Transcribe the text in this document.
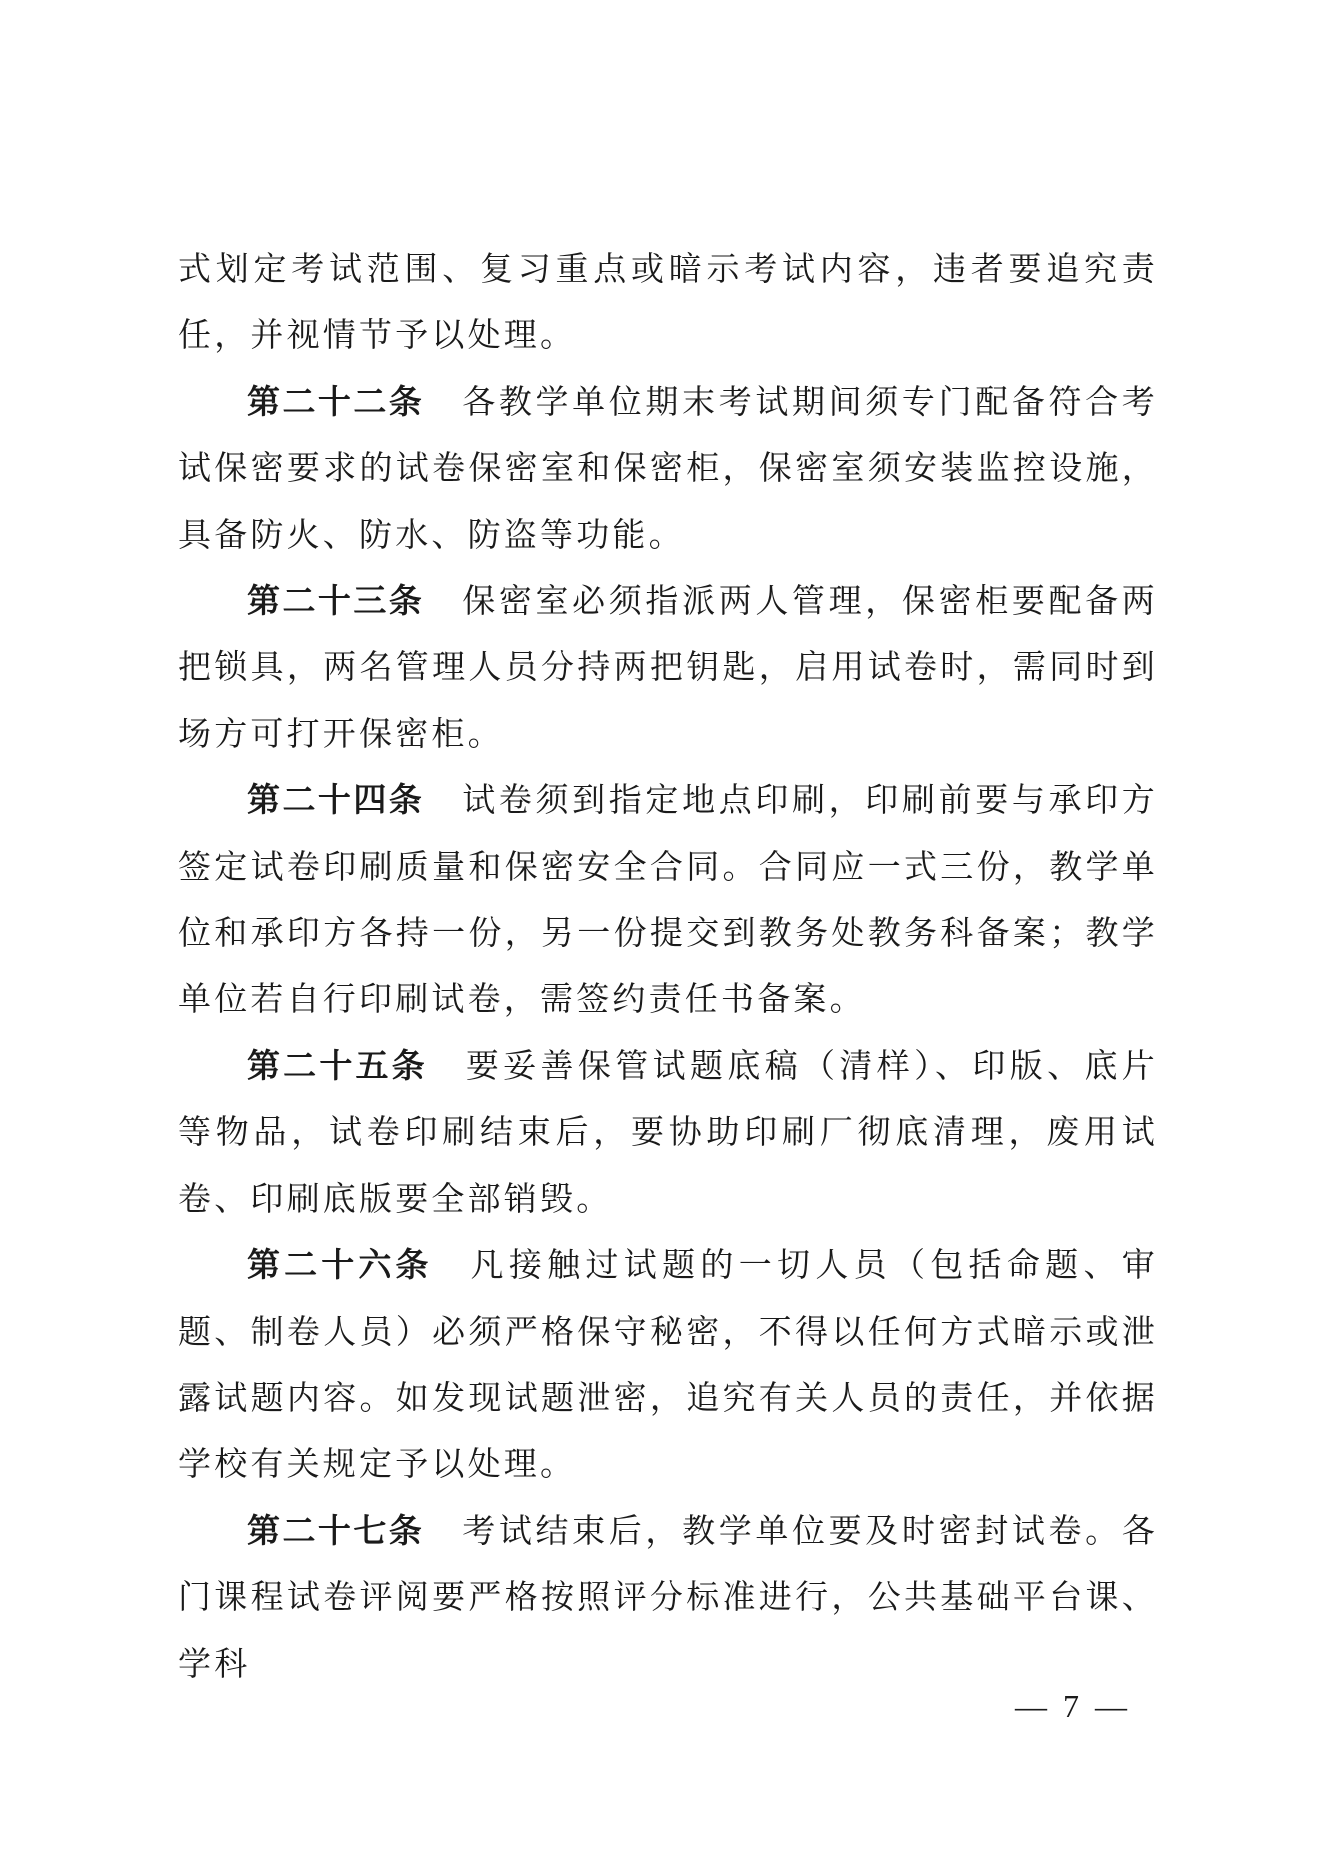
式划定考试范围、复习重点或暗示考试内容，违者要追究责任，并视情节予以处理。

第二十二条 各教学单位期末考试期间须专门配备符合考试保密要求的试卷保密室和保密柜，保密室须安装监控设施，具备防火、防水、防盗等功能。

第二十三条 保密室必须指派两人管理，保密柜要配备两把锁具，两名管理人员分持两把钥匙，启用试卷时，需同时到场方可打开保密柜。

第二十四条 试卷须到指定地点印刷，印刷前要与承印方签定试卷印刷质量和保密安全合同。合同应一式三份，教学单位和承印方各持一份，另一份提交到教务处教务科备案；教学单位若自行印刷试卷，需签约责任书备案。

第二十五条 要妥善保管试题底稿（清样）、印版、底片等物品，试卷印刷结束后，要协助印刷厂彻底清理，废用试卷、印刷底版要全部销毁。

第二十六条 凡接触过试题的一切人员（包括命题、审题、制卷人员）必须严格保守秘密，不得以任何方式暗示或泄露试题内容。如发现试题泄密，追究有关人员的责任，并依据学校有关规定予以处理。

第二十七条 考试结束后，教学单位要及时密封试卷。各门课程试卷评阅要严格按照评分标准进行，公共基础平台课、学科

— 7 —
